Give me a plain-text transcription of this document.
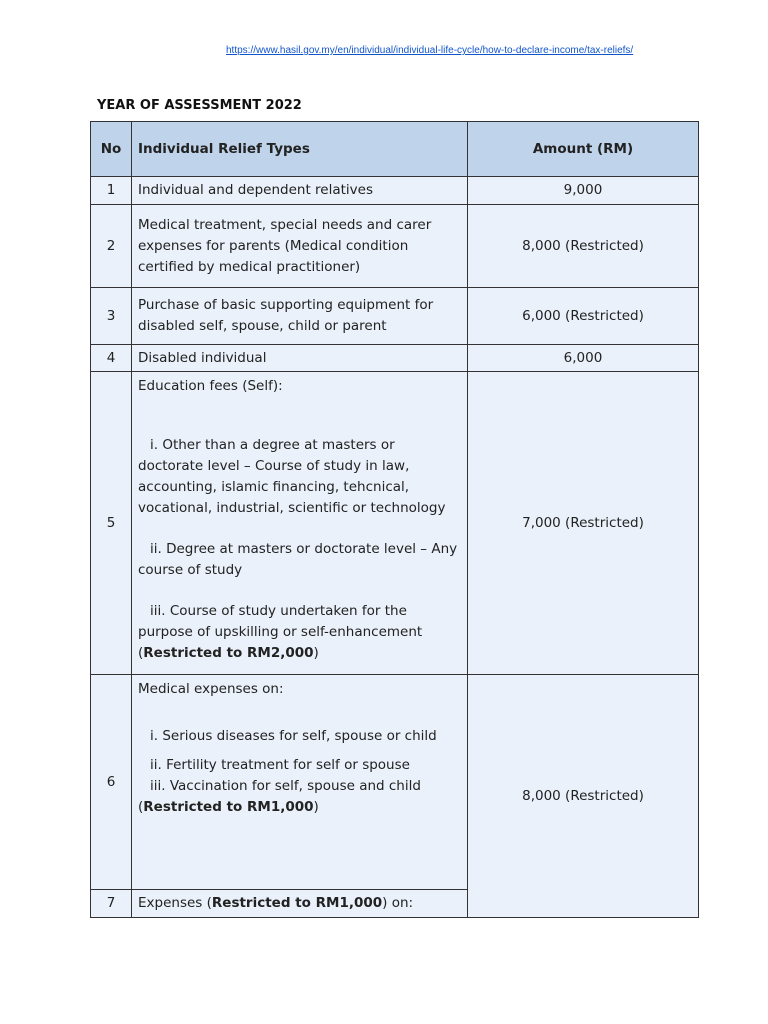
https://www.hasil.gov.my/en/individual/individual-life-cycle/how-to-declare-income/tax-reliefs/
YEAR OF ASSESSMENT 2022
No	Individual Relief Types	Amount (RM)
1	Individual and dependent relatives	9,000
2	Medical treatment, special needs and carer expenses for parents (Medical condition certified by medical practitioner)	8,000 (Restricted)
3	Purchase of basic supporting equipment for disabled self, spouse, child or parent	6,000 (Restricted)
4	Disabled individual	6,000
5	Education fees (Self):
i. Other than a degree at masters or doctorate level – Course of study in law, accounting, islamic financing, tehcnical, vocational, industrial, scientific or technology
ii. Degree at masters or doctorate level – Any course of study
iii. Course of study undertaken for the purpose of upskilling or self-enhancement
(Restricted to RM2,000)	7,000 (Restricted)
6	Medical expenses on:
i. Serious diseases for self, spouse or child
ii. Fertility treatment for self or spouse
iii. Vaccination for self, spouse and child
(Restricted to RM1,000)	8,000 (Restricted)
7	Expenses (Restricted to RM1,000) on:	
